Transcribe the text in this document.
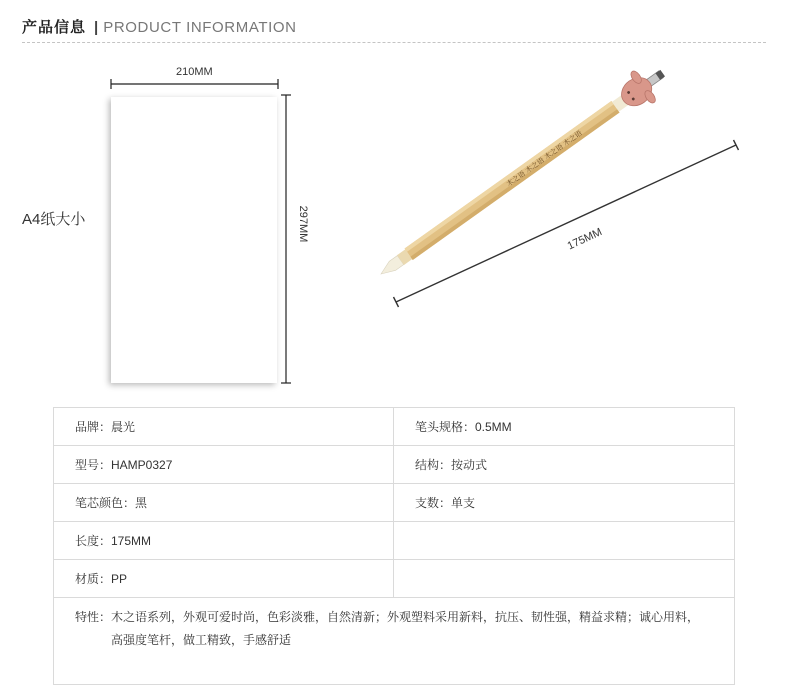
产品信息 | PRODUCT INFORMATION
A4纸大小
210MM
297MM	175MM
木之语 木之语 木之语 木之语
品牌：晨光	笔头规格：0.5MM
型号：HAMP0327	结构：按动式
笔芯颜色：黑	支数：单支
长度：175MM	
材质：PP	

特性： 木之语系列，外观可爱时尚，色彩淡雅，自然清新；外观塑料采用新料，抗压、韧性强，精益求精；诚心用料，高强度笔杆，做工精致，手感舒适	
